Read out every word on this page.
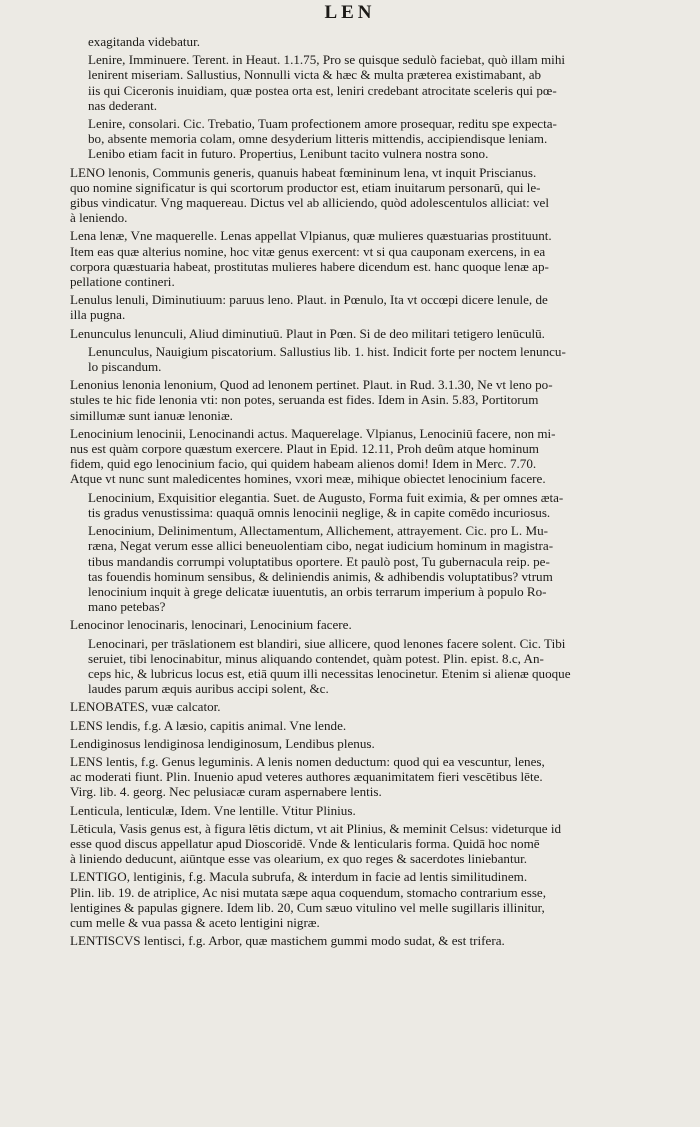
LEN
exagitanda videbatur.
Lenire, Imminuere. Terent. in Heaut. 1.1.75, Pro se quisque sedulò faciebat, quò illam mihi
lenirent miseriam. Sallustius, Nonnulli victa & hæc & multa præterea existimabant, ab
iis qui Ciceronis inuidiam, quæ postea orta est, leniri credebant atrocitate sceleris qui pœ-
nas dederant.
Lenire, consolari. Cic. Trebatio, Tuam profectionem amore prosequar, reditu spe expecta-
bo, absente memoria colam, omne desyderium litteris mittendis, accipiendisque leniam.
Lenibo etiam facit in futuro. Propertius, Lenibunt tacito vulnera nostra sono.
LENO lenonis, Communis generis, quanuis habeat fœmininum lena, vt inquit Priscianus.
quo nomine significatur is qui scortorum productor est, etiam inuitarum personarū, qui le-
gibus vindicatur. Vng maquereau. Dictus vel ab alliciendo, quòd adolescentulos alliciat: vel
à leniendo.
Lena lenæ, Vne maquerelle. Lenas appellat Vlpianus, quæ mulieres quæstuarias prostituunt.
Item eas quæ alterius nomine, hoc vitæ genus exercent: vt si qua cauponam exercens, in ea
corpora quæstuaria habeat, prostitutas mulieres habere dicendum est. hanc quoque lenæ ap-
pellatione contineri.
Lenulus lenuli, Diminutiuum: paruus leno. Plaut. in Pœnulo, Ita vt occœpi dicere lenule, de
illa pugna.
Lenunculus lenunculi, Aliud diminutiuū. Plaut in Pœn. Si de deo militari tetigero lenūculū.
Lenunculus, Nauigium piscatorium. Sallustius lib. 1. hist. Indicit forte per noctem lenuncu-
lo piscandum.
Lenonius lenonia lenonium, Quod ad lenonem pertinet. Plaut. in Rud. 3.1.30, Ne vt leno po-
stules te hic fide lenonia vti: non potes, seruanda est fides. Idem in Asin. 5.83, Portitorum
simillumæ sunt ianuæ lenoniæ.
Lenocinium lenocinii, Lenocinandi actus. Maquerelage. Vlpianus, Lenociniū facere, non mi-
nus est quàm corpore quæstum exercere. Plaut in Epid. 12.11, Proh deûm atque hominum
fidem, quid ego lenocinium facio, qui quidem habeam alienos domi! Idem in Merc. 7.70.
Atque vt nunc sunt maledicentes homines, vxori meæ, mihique obiectet lenocinium facere.
Lenocinium, Exquisitior elegantia. Suet. de Augusto, Forma fuit eximia, & per omnes æta-
tis gradus venustissima: quaquā omnis lenocinii neglige, & in capite comēdo incuriosus.
Lenocinium, Delinimentum, Allectamentum, Allichement, attrayement. Cic. pro L. Mu-
ræna, Negat verum esse allici beneuolentiam cibo, negat iudicium hominum in magistra-
tibus mandandis corrumpi voluptatibus oportere. Et paulò post, Tu gubernacula reip. pe-
tas fouendis hominum sensibus, & deliniendis animis, & adhibendis voluptatibus? vtrum
lenocinium inquit à grege delicatæ iuuentutis, an orbis terrarum imperium à populo Ro-
mano petebas?
Lenocinor lenocinaris, lenocinari, Lenocinium facere.
Lenocinari, per trāslationem est blandiri, siue allicere, quod lenones facere solent. Cic. Tibi
seruiet, tibi lenocinabitur, minus aliquando contendet, quàm potest. Plin. epist. 8.c, An-
ceps hic, & lubricus locus est, etiā quum illi necessitas lenocinetur. Etenim si alienæ quoque
laudes parum æquis auribus accipi solent, &c.
LENOBATES, vuæ calcator.
LENS lendis, f.g. A læsio, capitis animal. Vne lende.
Lendiginosus lendiginosa lendiginosum, Lendibus plenus.
LENS lentis, f.g. Genus leguminis. A lenis nomen deductum: quod qui ea vescuntur, lenes,
ac moderati fiunt. Plin. Inuenio apud veteres authores æquanimitatem fieri vescētibus lēte.
Virg. lib. 4. georg. Nec pelusiacæ curam aspernabere lentis.
Lenticula, lenticulæ, Idem. Vne lentille. Vtitur Plinius.
Lēticula, Vasis genus est, à figura lētis dictum, vt ait Plinius, & meminit Celsus: videturque id
esse quod discus appellatur apud Dioscoridē. Vnde & lenticularis forma. Quidā hoc nomē
à liniendo deducunt, aiūntque esse vas olearium, ex quo reges & sacerdotes liniebantur.
LENTIGO, lentiginis, f.g. Macula subrufa, & interdum in facie ad lentis similitudinem.
Plin. lib. 19. de atriplice, Ac nisi mutata sæpe aqua coquendum, stomacho contrarium esse,
lentigines & papulas gignere. Idem lib. 20, Cum sæuo vitulino vel melle sugillaris illinitur,
cum melle & vua passa & aceto lentigini nigræ.
LENTISCVS lentisci, f.g. Arbor, quæ mastichem gummi modo sudat, & est trifera.
